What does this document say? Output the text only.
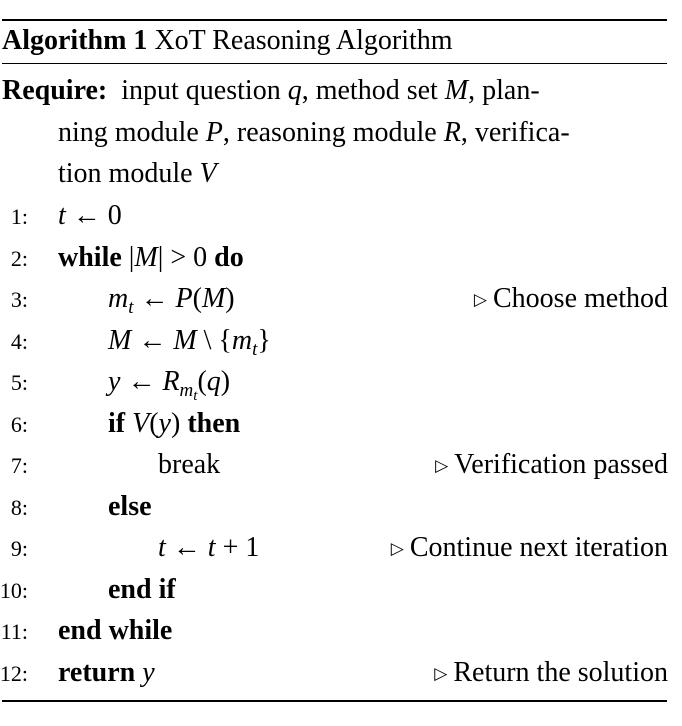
Algorithm 1 XoT Reasoning Algorithm
Require:  input question q, method set M, plan-
ning module P, reasoning module R, verifica-
tion module V
1: t ← 0
2: while |M| > 0 do
3:	$m_t$ ← P(M)	▷ Choose method
4:	M ← M \ $\{m_t\}$
5:	y ← $R_{m_t}(q)$
6:	if V(y) then
7:	break	▷ Verification passed
8:	else
9:	t ← t + 1	▷ Continue next iteration
10:	end if
11: end while
12: return y	▷ Return the solution
